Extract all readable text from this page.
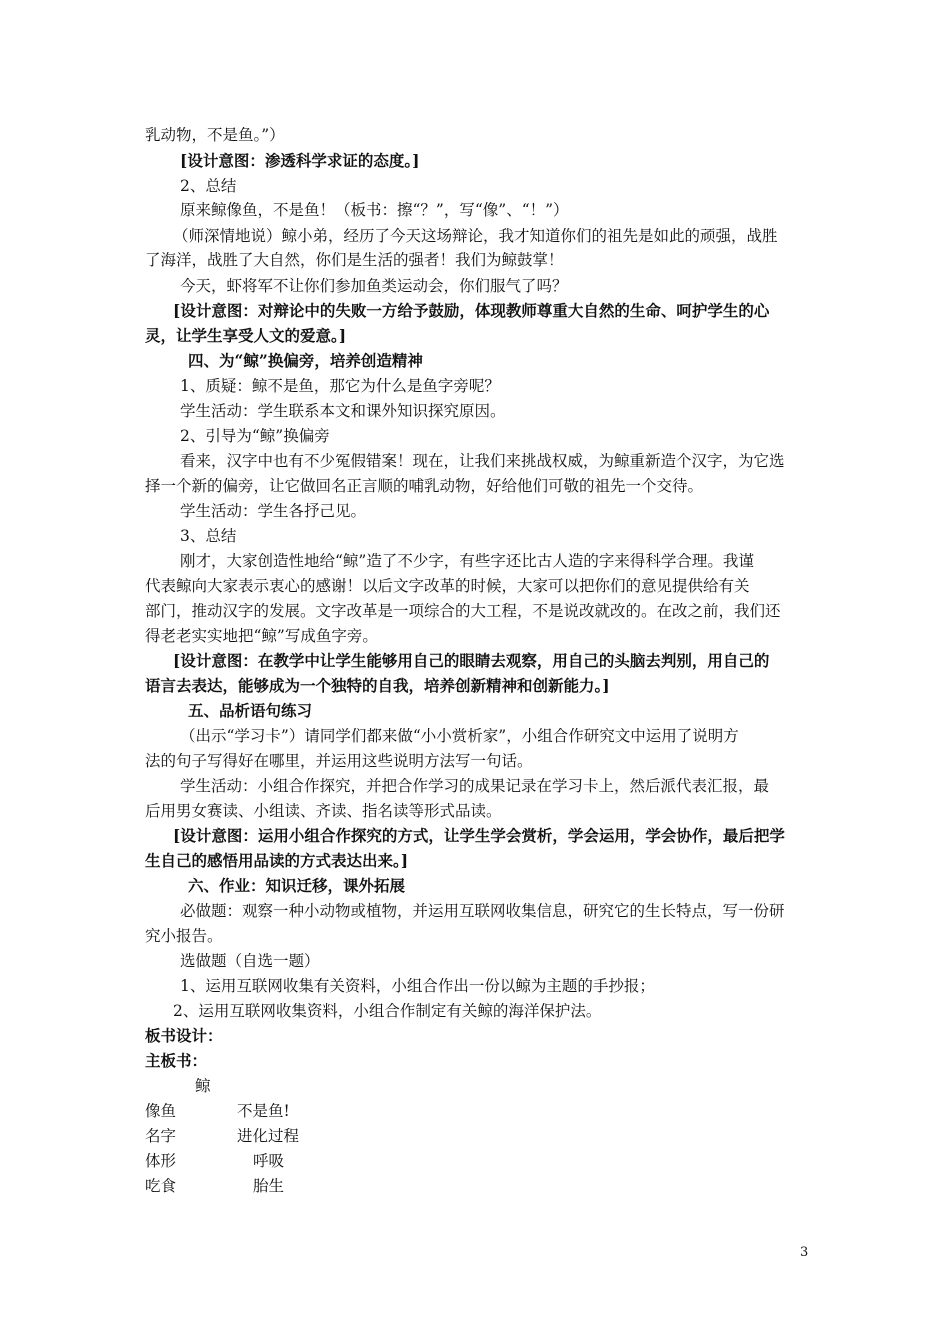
乳动物，不是鱼。”）
[设计意图：渗透科学求证的态度。]
2、总结
原来鲸像鱼，不是鱼！（板书：擦“？”，写“像”、“！”）
（师深情地说）鲸小弟，经历了今天这场辩论，我才知道你们的祖先是如此的顽强，战胜
了海洋，战胜了大自然，你们是生活的强者！我们为鲸鼓掌！
今天，虾将军不让你们参加鱼类运动会，你们服气了吗？
[设计意图：对辩论中的失败一方给予鼓励，体现教师尊重大自然的生命、呵护学生的心
灵，让学生享受人文的爱意。]
四、为“鲸”换偏旁，培养创造精神
1、质疑：鲸不是鱼，那它为什么是鱼字旁呢？
学生活动：学生联系本文和课外知识探究原因。
2、引导为“鲸”换偏旁
看来，汉字中也有不少冤假错案！现在，让我们来挑战权威，为鲸重新造个汉字，为它选
择一个新的偏旁，让它做回名正言顺的哺乳动物，好给他们可敬的祖先一个交待。
学生活动：学生各抒己见。
3、总结
刚才，大家创造性地给“鲸”造了不少字，有些字还比古人造的字来得科学合理。我谨
代表鲸向大家表示衷心的感谢！以后文字改革的时候，大家可以把你们的意见提供给有关
部门，推动汉字的发展。文字改革是一项综合的大工程，不是说改就改的。在改之前，我们还
得老老实实地把“鲸”写成鱼字旁。
[设计意图：在教学中让学生能够用自己的眼睛去观察，用自己的头脑去判别，用自己的
语言去表达，能够成为一个独特的自我，培养创新精神和创新能力。]
五、品析语句练习
（出示“学习卡”）请同学们都来做“小小赏析家”，小组合作研究文中运用了说明方
法的句子写得好在哪里，并运用这些说明方法写一句话。
学生活动：小组合作探究，并把合作学习的成果记录在学习卡上，然后派代表汇报，最
后用男女赛读、小组读、齐读、指名读等形式品读。
[设计意图：运用小组合作探究的方式，让学生学会赏析，学会运用，学会协作，最后把学
生自己的感悟用品读的方式表达出来。]
六、作业：知识迁移，课外拓展
必做题：观察一种小动物或植物，并运用互联网收集信息，研究它的生长特点，写一份研
究小报告。
选做题（自选一题）
1、运用互联网收集有关资料，小组合作出一份以鲸为主题的手抄报；
2、运用互联网收集资料，小组合作制定有关鲸的海洋保护法。
板书设计：
主板书：
鲸
像鱼	不是鱼!
名字	进化过程
体形	呼吸
吃食	胎生
3
